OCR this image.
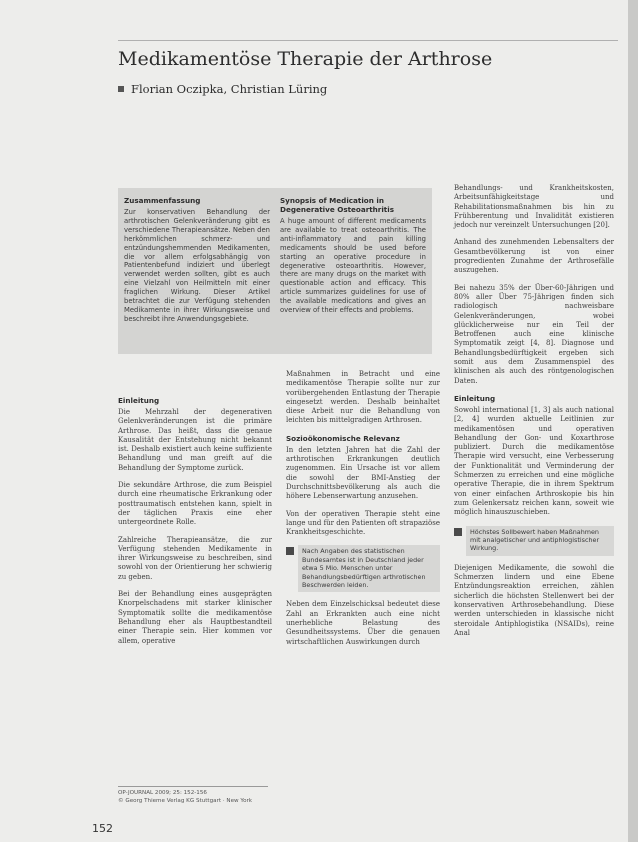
Medikamentöse Therapie der Arthrose
Florian Oczipka, Christian Lüring
Zusammenfassung

Zur konservativen Behandlung der arthrotischen Gelenkveränderung gibt es verschiedene Therapieansätze. Neben den herkömmlichen schmerz- und entzündungshemmenden Medikamenten, die vor allem erfolgsabhängig von Patientenbefund indiziert und überlegt verwendet werden sollten, gibt es auch eine Vielzahl von Heilmitteln mit einer fraglichen Wirkung. Dieser Artikel betrachtet die zur Verfügung stehenden Medikamente in ihrer Wirkungsweise und beschreibt ihre Anwendungsgebiete.

Synopsis of Medication in Degenerative Osteoarthritis

A huge amount of different medicaments are available to treat osteoarthritis. The anti-inflammatory and pain killing medicaments should be used before starting an operative procedure in degenerative osteoarthritis. However, there are many drugs on the market with questionable action and efficacy. This article summarizes guidelines for use of the available medications and gives an overview of their effects and problems.

Einleitung

Die Mehrzahl der degenerativen Gelenkveränderungen ist die primäre Arthrose. Das heißt, dass die genaue Kausalität der Entstehung nicht bekannt ist. Deshalb existiert auch keine suffiziente Behandlung und man greift auf die Behandlung der Symptome zurück.

Die sekundäre Arthrose, die zum Beispiel durch eine rheumatische Erkrankung oder posttraumatisch entstehen kann, spielt in der täglichen Praxis eine eher untergeordnete Rolle.

Zahlreiche Therapieansätze, die zur Verfügung stehenden Medikamente in ihrer Wirkungsweise zu beschreiben, sind sowohl von der Orientierung her schwierig zu geben.

Bei der Behandlung eines ausgeprägten Knorpelschadens mit starker klinischer Symptomatik sollte die medikamentöse Behandlung eher als Hauptbestandteil einer Therapie sein. Hier kommen vor allem, operative

Maßnahmen in Betracht und eine medikamentöse Therapie sollte nur zur vorübergehenden Entlastung der Therapie eingesetzt werden. Deshalb beinhaltet diese Arbeit nur die Behandlung von leichten bis mittelgradigen Arthrosen.

Sozioökonomische Relevanz

In den letzten Jahren hat die Zahl der arthrotischen Erkrankungen deutlich zugenommen. Ein Ursache ist vor allem die sowohl der BMI-Anstieg der Durchschnittsbevölkerung als auch die höhere Lebenserwartung anzusehen.

Von der operativen Therapie steht eine lange und für den Patienten oft strapaziöse Krankheitsgeschichte.

Nach Angaben des statistischen Bundesamtes ist in Deutschland jeder etwa 5 Mio. Menschen unter Behandlungsbedürftigen arthrotischen Beschwerden leiden.

Neben dem Einzelschicksal bedeutet diese Zahl an Erkrankten auch eine nicht unerhebliche Belastung des Gesundheitssystems. Über die genauen wirtschaftlichen Auswirkungen durch

Behandlungs- und Krankheitskosten, Arbeitsunfähigkeitstage und Rehabilitationsmaßnahmen bis hin zu Frühberentung und Invalidität existieren jedoch nur vereinzelt Untersuchungen [20].

Anhand des zunehmenden Lebensalters der Gesamtbevölkerung ist von einer progredienten Zunahme der Arthrosefälle auszugehen.

Bei nahezu 35% der Über-60-Jährigen und 80% aller Über 75-Jährigen finden sich radiologisch nachweisbare Gelenkveränderungen, wobei glücklicherweise nur ein Teil der Betroffenen auch eine klinische Symptomatik zeigt [4, 8]. Diagnose und Behandlungsbedürftigkeit ergeben sich somit aus dem Zusammenspiel des klinischen als auch des röntgenologischen Daten.

Einleitung

Sowohl international [1, 3] als auch national [2, 4] wurden aktuelle Leitlinien zur medikamentösen und operativen Behandlung der Gon- und Koxarthrose publiziert. Durch die medikamentöse Therapie wird versucht, eine Verbesserung der Funktionalität und Verminderung der Schmerzen zu erreichen und eine mögliche operative Therapie, die in ihrem Spektrum von einer einfachen Arthroskopie bis hin zum Gelenkersatz reichen kann, soweit wie möglich hinauszuschieben.

Höchstes Sollbewert haben Maßnahmen mit analgetischer und antiphlogistischer Wirkung.

Diejenigen Medikamente, die sowohl die Schmerzen lindern und eine Ebene Entzündungsreaktion erreichen, zählen sicherlich die höchsten Stellenwert bei der konservativen Arthrosebehandlung. Diese werden unterschieden in klassische nicht steroidale Antiphlogistika (NSAIDs), reine Anal

OP-JOURNAL 2009; 25: 152-156
© Georg Thieme Verlag KG Stuttgart · New York
152
